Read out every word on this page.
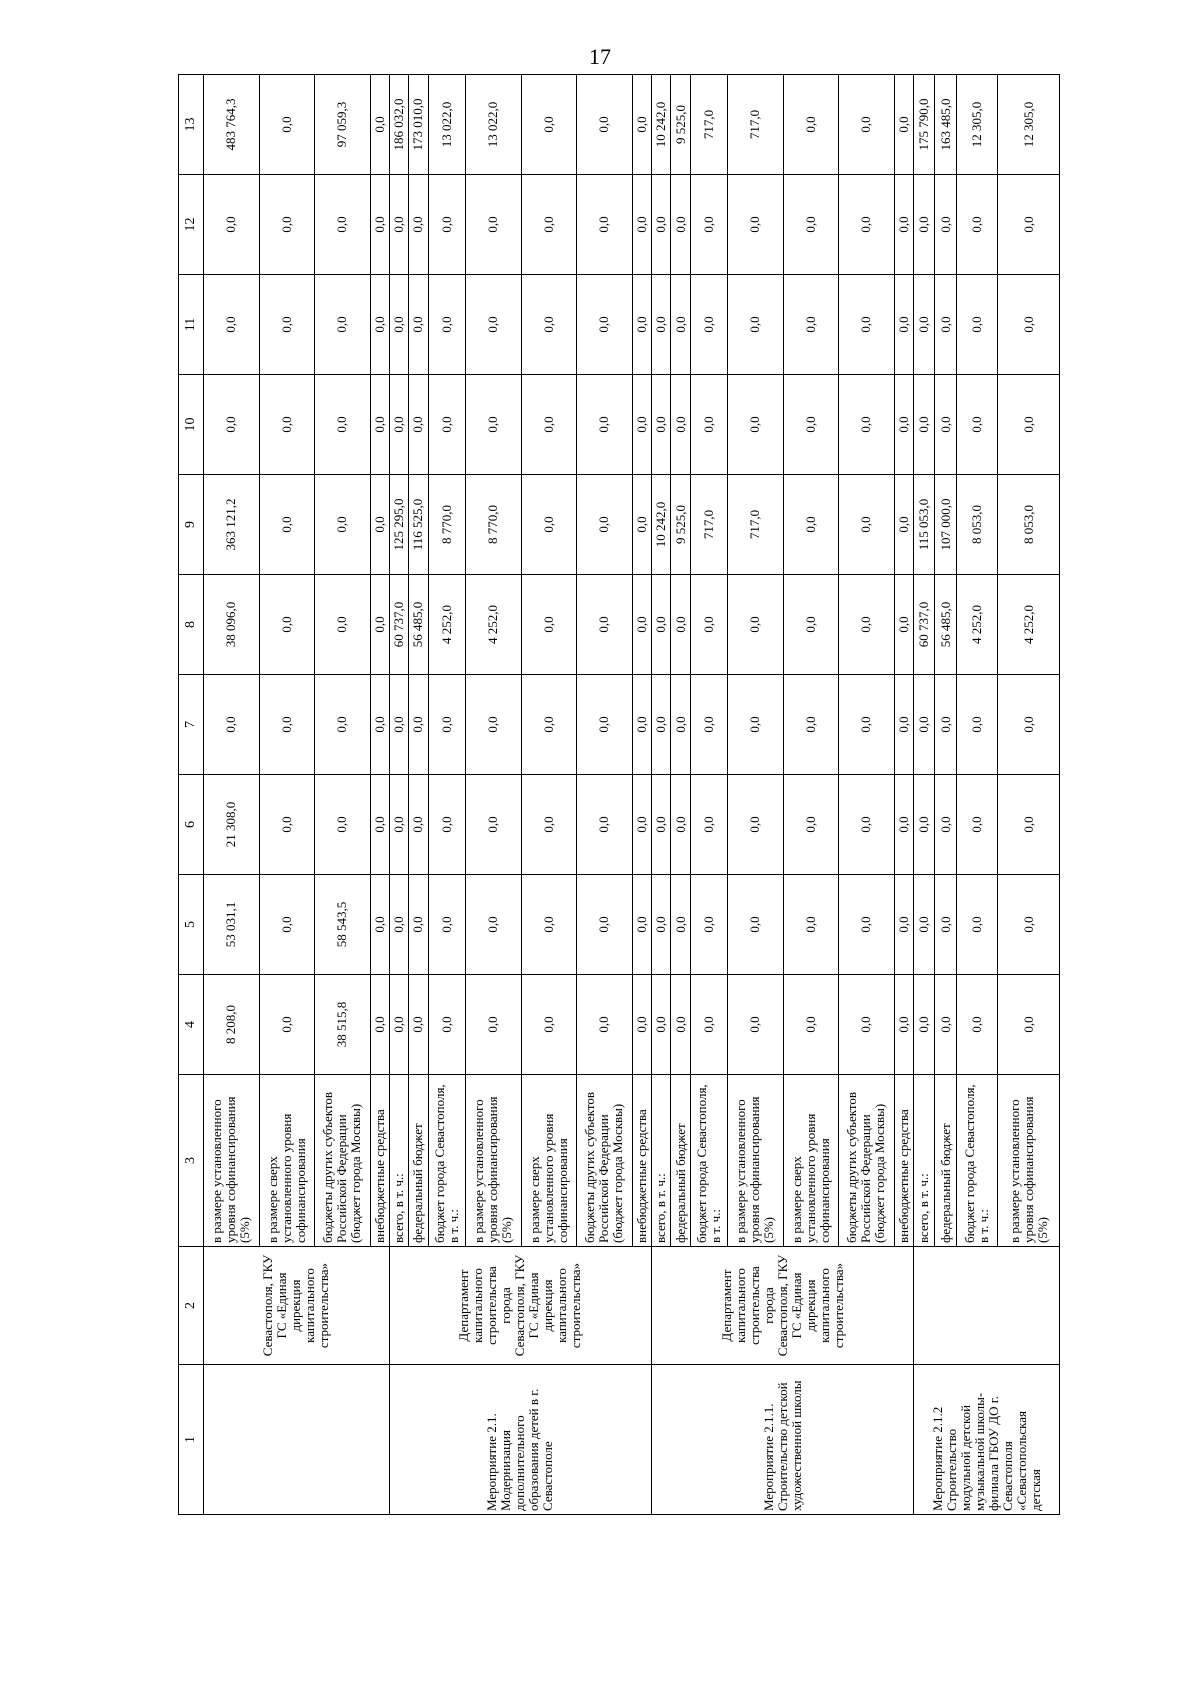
17
1	2	3	4	5	6	7	8	9	10	11	12	13
	Севастополя, ГКУ ГС «Единая дирекция капитального строительства»	в размере установленного уровня софинансирования (5%)	8 208,0	53 031,1	21 308,0	0,0	38 096,0	363 121,2	0,0	0,0	0,0	483 764,3
		в размере сверх установленного уровня софинансирования	0,0	0,0	0,0	0,0	0,0	0,0	0,0	0,0	0,0	0,0
		бюджеты других субъектов Российской Федерации (бюджет города Москвы)	38 515,8	58 543,5	0,0	0,0	0,0	0,0	0,0	0,0	0,0	97 059,3
		внебюджетные средства	0,0	0,0	0,0	0,0	0,0	0,0	0,0	0,0	0,0	0,0
Мероприятие 2.1. Модернизация дополнительного образования детей в г. Севастополе	Департамент капитального строительства города Севастополя, ГКУ ГС «Единая дирекция капитального строительства»	всего, в т. ч.:	0,0	0,0	0,0	0,0	60 737,0	125 295,0	0,0	0,0	0,0	186 032,0
		федеральный бюджет	0,0	0,0	0,0	0,0	56 485,0	116 525,0	0,0	0,0	0,0	173 010,0
		бюджет города Севастополя, в т. ч.:	0,0	0,0	0,0	0,0	4 252,0	8 770,0	0,0	0,0	0,0	13 022,0
		в размере установленного уровня софинансирования (5%)	0,0	0,0	0,0	0,0	4 252,0	8 770,0	0,0	0,0	0,0	13 022,0
		в размере сверх установленного уровня софинансирования	0,0	0,0	0,0	0,0	0,0	0,0	0,0	0,0	0,0	0,0
		бюджеты других субъектов Российской Федерации (бюджет города Москвы)	0,0	0,0	0,0	0,0	0,0	0,0	0,0	0,0	0,0	0,0
		внебюджетные средства	0,0	0,0	0,0	0,0	0,0	0,0	0,0	0,0	0,0	0,0
Мероприятие 2.1.1. Строительство детской художественной школы	Департамент капитального строительства города Севастополя, ГКУ ГС «Единая дирекция капитального строительства»	всего, в т. ч.:	0,0	0,0	0,0	0,0	0,0	10 242,0	0,0	0,0	0,0	10 242,0
		федеральный бюджет	0,0	0,0	0,0	0,0	0,0	9 525,0	0,0	0,0	0,0	9 525,0
		бюджет города Севастополя, в т. ч.:	0,0	0,0	0,0	0,0	0,0	717,0	0,0	0,0	0,0	717,0
		в размере установленного уровня софинансирования (5%)	0,0	0,0	0,0	0,0	0,0	717,0	0,0	0,0	0,0	717,0
		в размере сверх установленного уровня софинансирования	0,0	0,0	0,0	0,0	0,0	0,0	0,0	0,0	0,0	0,0
		бюджеты других субъектов Российской Федерации (бюджет города Москвы)	0,0	0,0	0,0	0,0	0,0	0,0	0,0	0,0	0,0	0,0
		внебюджетные средства	0,0	0,0	0,0	0,0	0,0	0,0	0,0	0,0	0,0	0,0
Мероприятие 2.1.2 Строительство модульной детской музыкальной школы-филиала ГБОУ ДО г. Севастополя «Севастопольская детская		всего, в т. ч.:	0,0	0,0	0,0	0,0	60 737,0	115 053,0	0,0	0,0	0,0	175 790,0
		федеральный бюджет	0,0	0,0	0,0	0,0	56 485,0	107 000,0	0,0	0,0	0,0	163 485,0
		бюджет города Севастополя, в т. ч.:	0,0	0,0	0,0	0,0	4 252,0	8 053,0	0,0	0,0	0,0	12 305,0
		в размере установленного уровня софинансирования (5%)	0,0	0,0	0,0	0,0	4 252,0	8 053,0	0,0	0,0	0,0	12 305,0
